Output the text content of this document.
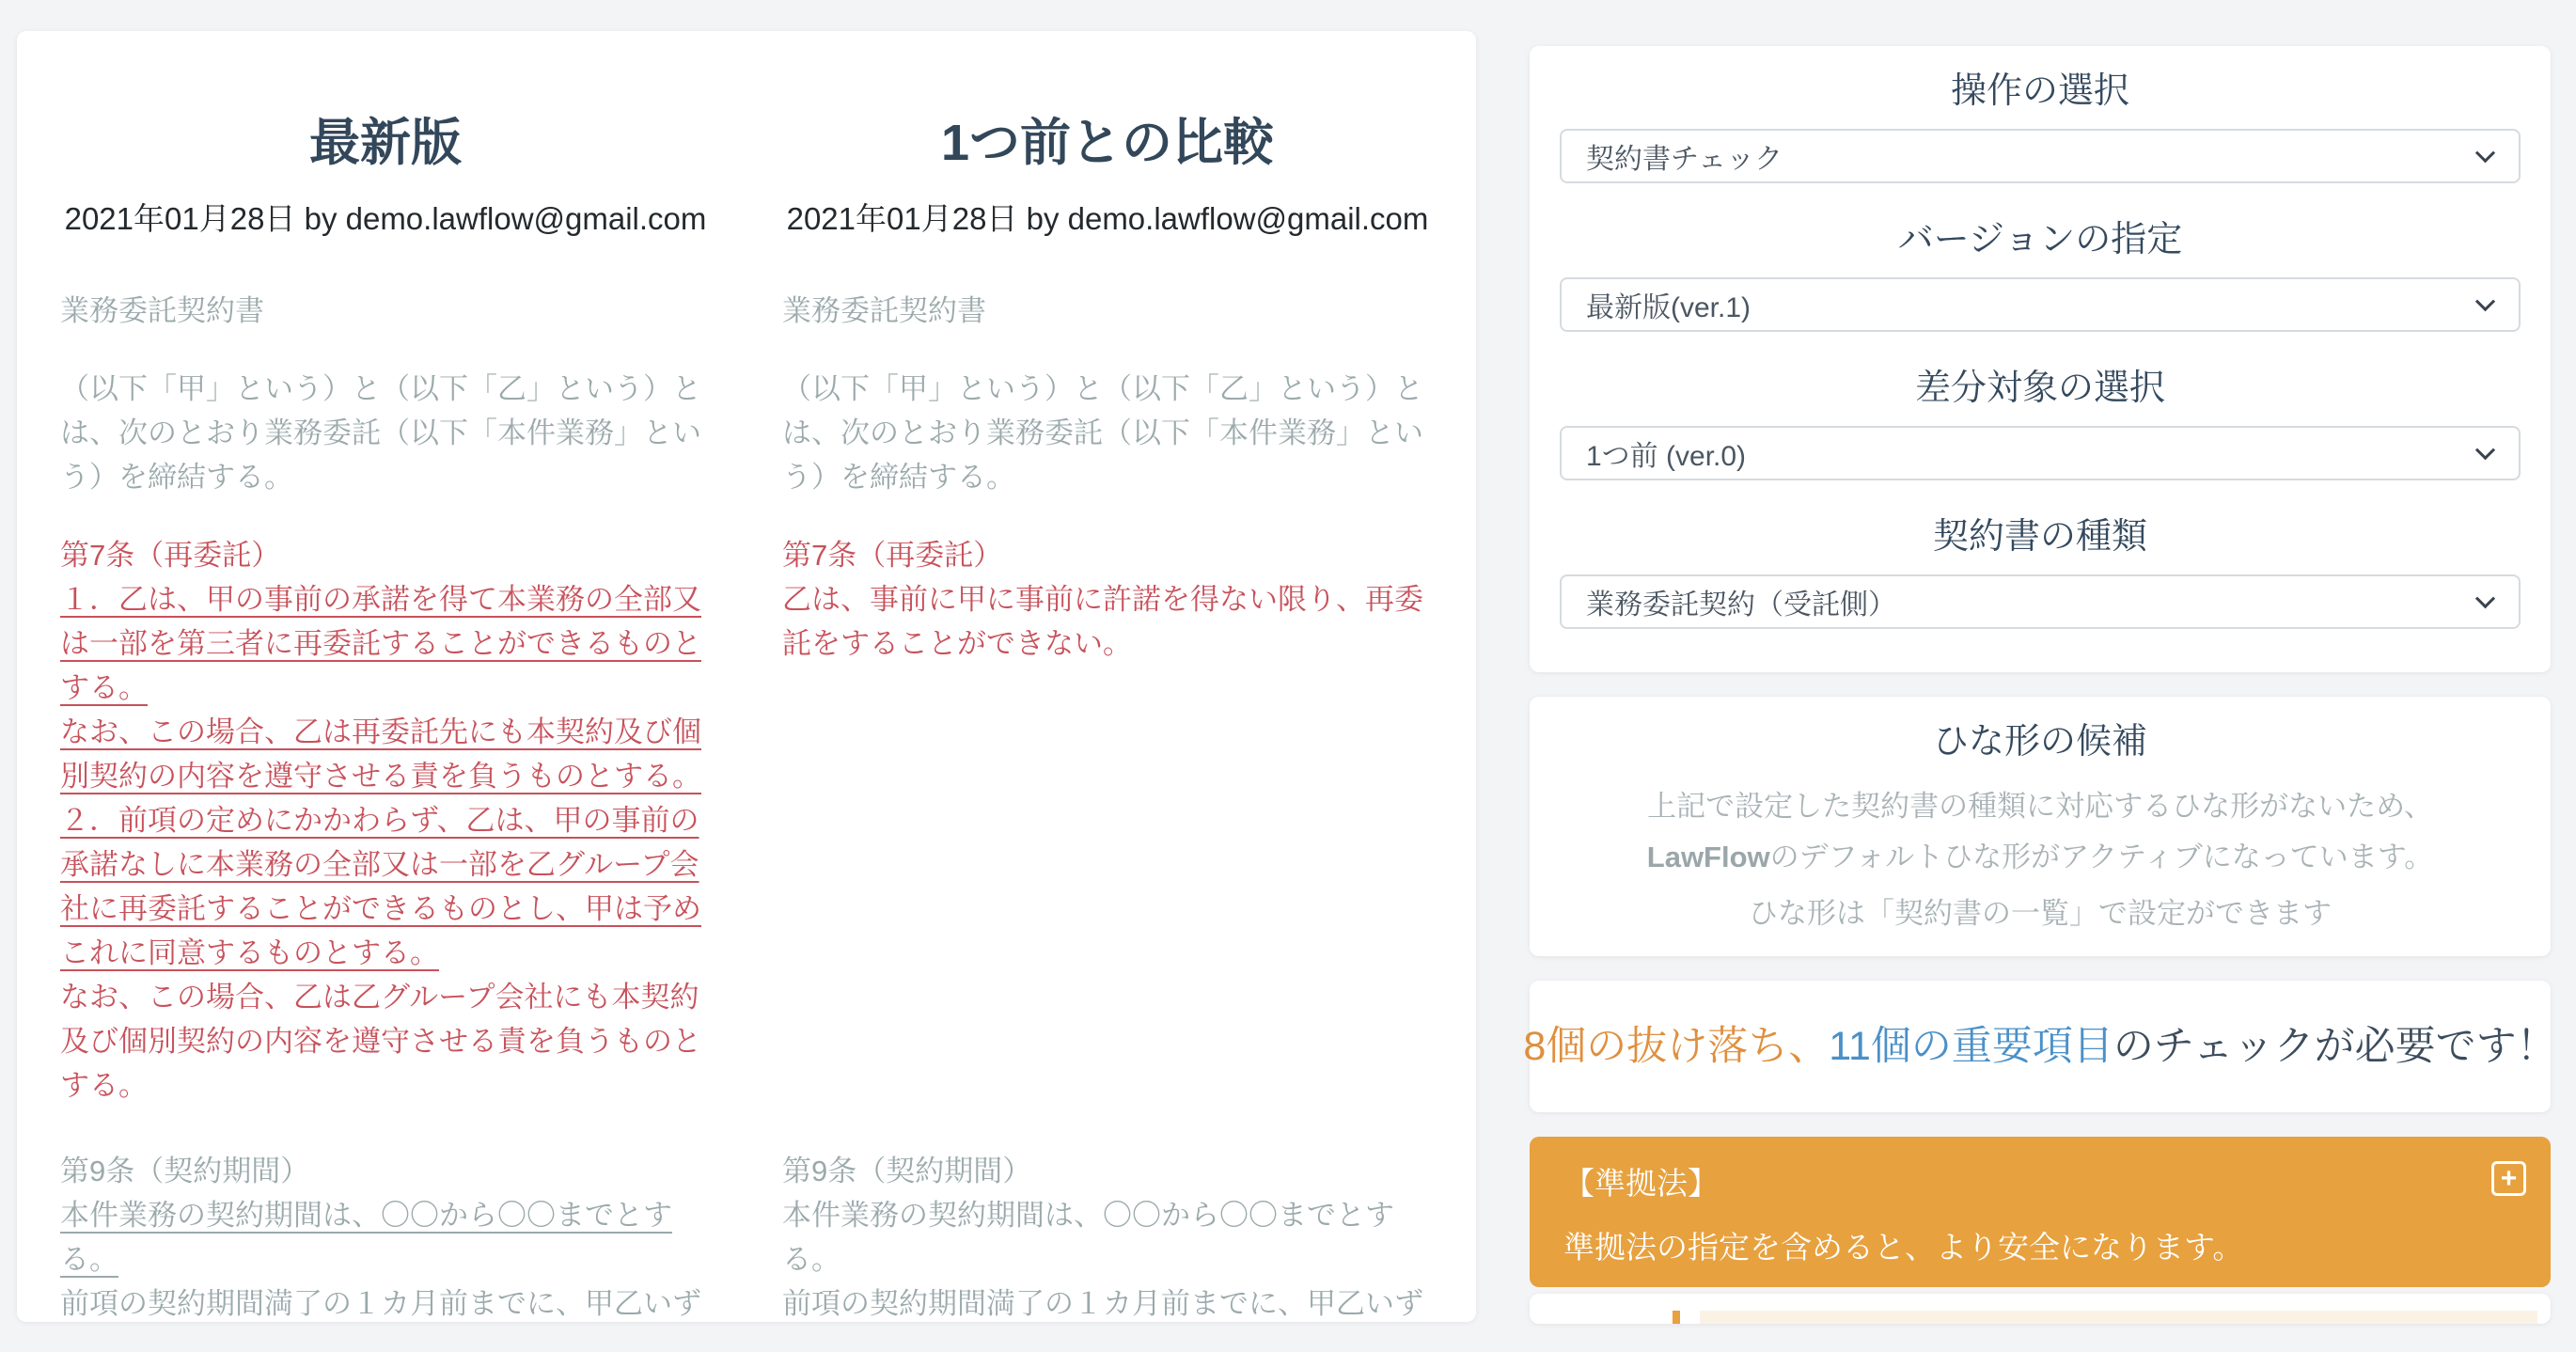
最新版
2021年01月28日 by demo.lawflow@gmail.com

業務委託契約書

（以下「甲」という）と（以下「乙」という）とは、次のとおり業務委託（以下「本件業務」という）を締結する。

第7条（再委託）
１．乙は、甲の事前の承諾を得て本業務の全部又は一部を第三者に再委託することができるものとする。
なお、この場合、乙は再委託先にも本契約及び個別契約の内容を遵守させる責を負うものとする。
２．前項の定めにかかわらず、乙は、甲の事前の承諾なしに本業務の全部又は一部を乙グループ会社に再委託することができるものとし、甲は予めこれに同意するものとする。
なお、この場合、乙は乙グループ会社にも本契約及び個別契約の内容を遵守させる責を負うものとする。
第9条（契約期間）
本件業務の契約期間は、〇〇から〇〇までとする。
前項の契約期間満了の１カ月前までに、甲乙いず
1つ前との比較
2021年01月28日 by demo.lawflow@gmail.com

業務委託契約書

（以下「甲」という）と（以下「乙」という）とは、次のとおり業務委託（以下「本件業務」という）を締結する。

第7条（再委託）
乙は、事前に甲に事前に許諾を得ない限り、再委託をすることができない。
第9条（契約期間）
本件業務の契約期間は、〇〇から〇〇までとする。
前項の契約期間満了の１カ月前までに、甲乙いず
操作の選択
契約書チェック
バージョンの指定
最新版(ver.1)
差分対象の選択
1つ前 (ver.0)
契約書の種類
業務委託契約（受託側）
ひな形の候補
上記で設定した契約書の種類に対応するひな形がないため、
LawFlowのデフォルトひな形がアクティブになっています。
ひな形は「契約書の一覧」で設定ができます
8個の抜け落ち、 11個の重要項目 のチェックが必要です！
【準拠法】
準拠法の指定を含めると、より安全になります。
+
